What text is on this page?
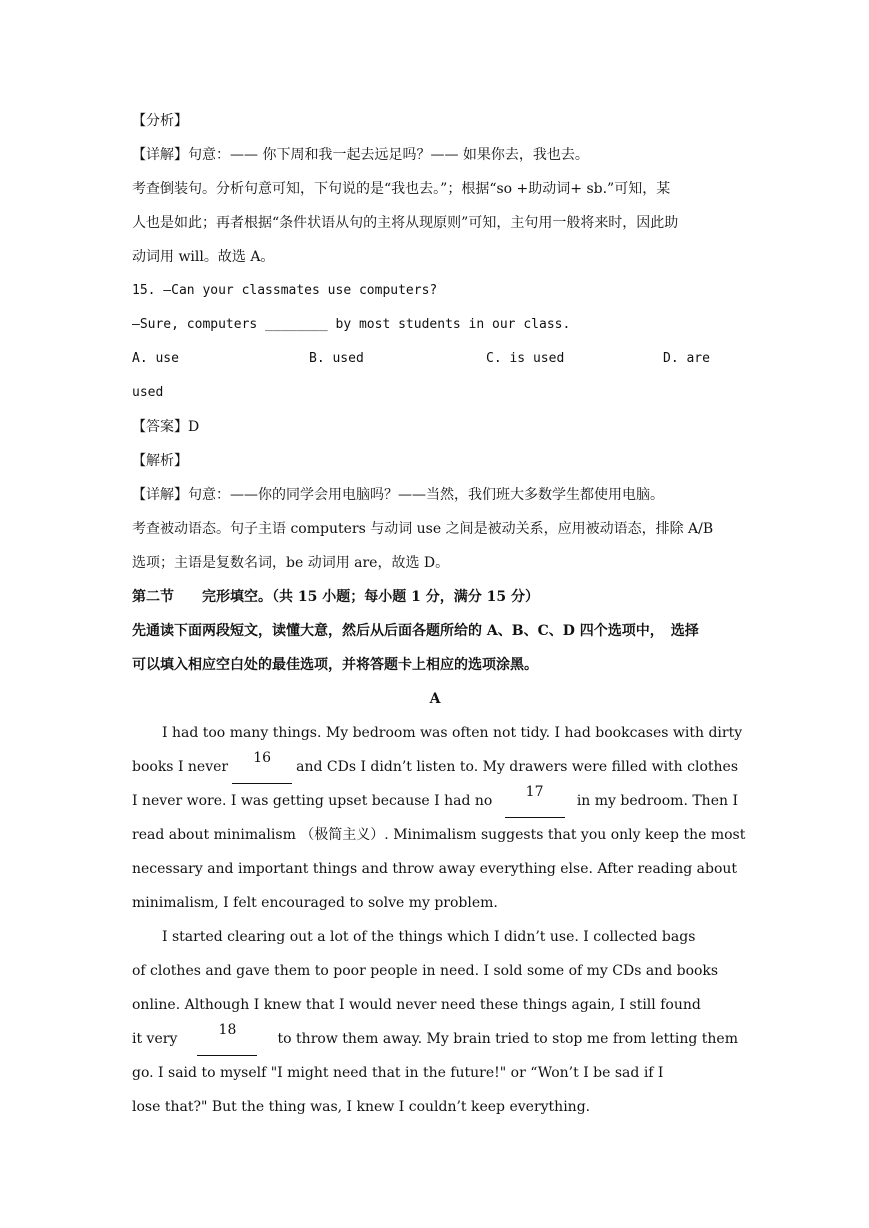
【分析】
【详解】句意：—— 你下周和我一起去远足吗？—— 如果你去，我也去。
考查倒装句。分析句意可知，下句说的是“我也去。”；根据“so +助动词+ sb.”可知，某
人也是如此；再者根据“条件状语从句的主将从现原则”可知，主句用一般将来时，因此助
动词用 will。故选 A。
15. —Can your classmates use computers?
—Sure, computers ________ by most students in our class.
A. use	B. used	C. is used	D. are
used
【答案】D
【解析】
【详解】句意：——你的同学会用电脑吗？——当然，我们班大多数学生都使用电脑。
考查被动语态。句子主语 computers 与动词 use 之间是被动关系，应用被动语态，排除 A/B
选项；主语是复数名词，be 动词用 are，故选 D。
第二节　　完形填空。（共 15 小题；每小题 1 分，满分 15 分）
先通读下面两段短文，读懂大意，然后从后面各题所给的 A、B、C、D 四个选项中，　选择
可以填入相应空白处的最佳选项，并将答题卡上相应的选项涂黑。
A
I had too many things. My bedroom was often not tidy. I had bookcases with dirty
books I never
16
and CDs I didn’t listen to. My drawers were filled with clothes
I never wore. I was getting upset because I had no
17
in my bedroom. Then I
read about minimalism （极简主义）. Minimalism suggests that you only keep the most
necessary and important things and throw away everything else. After reading about
minimalism, I felt encouraged to solve my problem.
I started clearing out a lot of the things which I didn’t use. I collected bags
of clothes and gave them to poor people in need. I sold some of my CDs and books
online. Although I knew that I would never need these things again, I still found
it very
18
to throw them away. My brain tried to stop me from letting them
go. I said to myself "I might need that in the future!" or “Won’t I be sad if I
lose that?" But the thing was, I knew I couldn’t keep everything.
